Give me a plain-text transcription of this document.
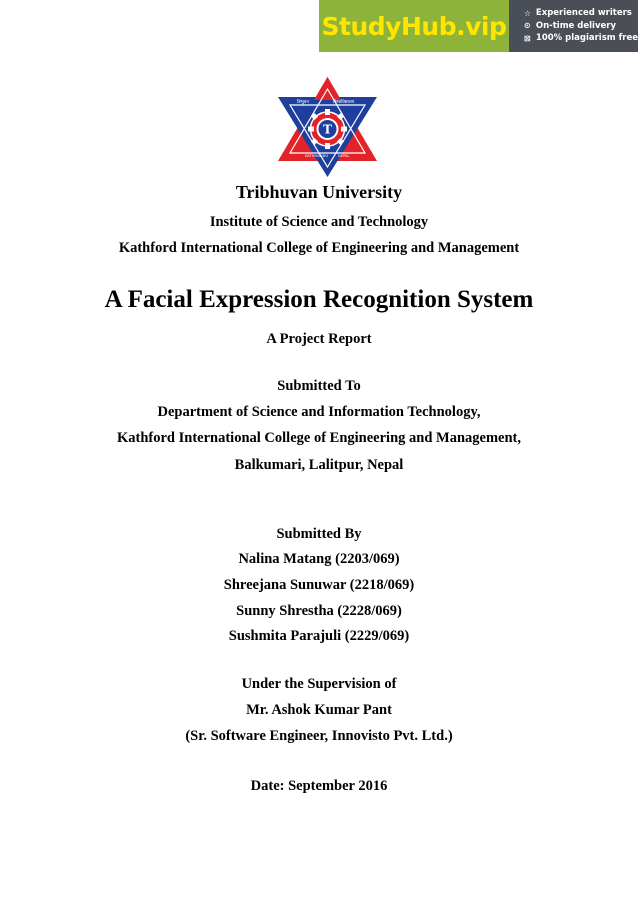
StudyHub.vip	☆ Experienced writers
⊙ On-time delivery
⊠ 100% plagiarism free
T
त्रिभुवन	विश्वविद्यालय
KATHMANDU	NEPAL
Tribhuvan University
Institute of Science and Technology
Kathford International College of Engineering and Management
A Facial Expression Recognition System
A Project Report
Submitted To
Department of Science and Information Technology,
Kathford International College of Engineering and Management,
Balkumari, Lalitpur, Nepal
Submitted By
Nalina Matang (2203/069)
Shreejana Sunuwar (2218/069)
Sunny Shrestha (2228/069)
Sushmita Parajuli (2229/069)
Under the Supervision of
Mr. Ashok Kumar Pant
(Sr. Software Engineer, Innovisto Pvt. Ltd.)
Date: September 2016
